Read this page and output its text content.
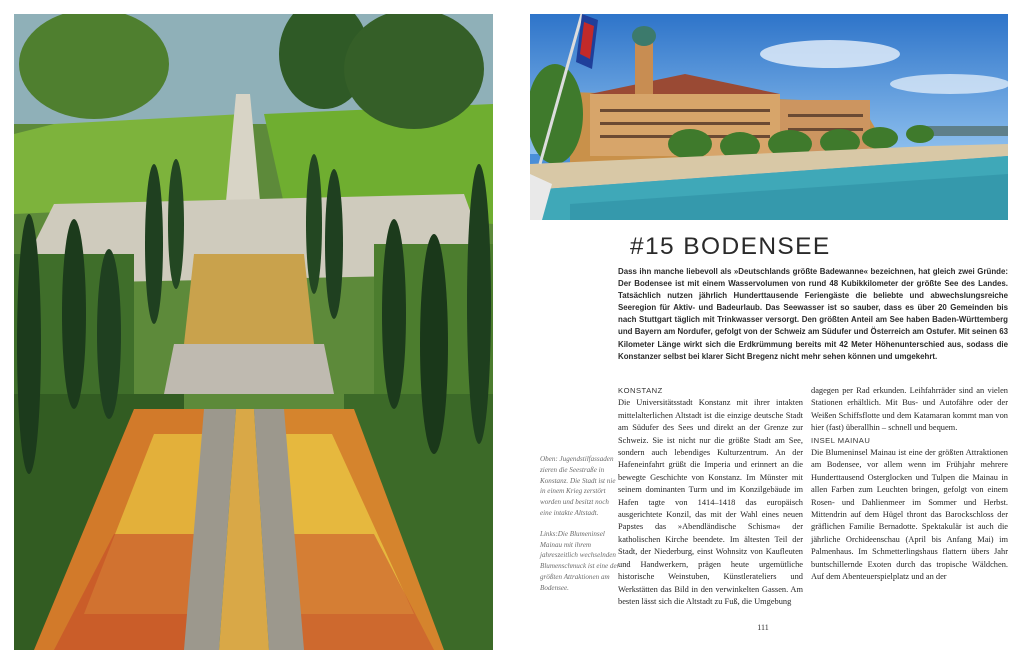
Oben: Jugendstilfassaden zieren die Seestraße in Konstanz. Die Stadt ist nie in einem Krieg zerstört worden und besitzt noch eine intakte Altstadt.

Links:Die Blumeninsel Mainau mit ihrem jahreszeitlich wechselnden Blumenschmuck ist eine der größten Attraktionen am Bodensee.

#15 BODENSEE

Dass ihn manche liebevoll als »Deutschlands größte Badewanne« bezeichnen, hat gleich zwei Gründe: Der Bodensee ist mit einem Wasservolumen von rund 48 Kubikkilometer der größte See des Landes. Tatsächlich nutzen jährlich Hunderttausende Feriengäste die beliebte und abwechslungsreiche Seeregion für Aktiv- und Badeurlaub. Das Seewasser ist so sauber, dass es über 20 Gemeinden bis nach Stuttgart täglich mit Trinkwasser versorgt. Den größten Anteil am See haben Baden-Württemberg und Bayern am Nordufer, gefolgt von der Schweiz am Südufer und Österreich am Ostufer. Mit seinen 63 Kilometer Länge wirkt sich die Erdkrümmung bereits mit 42 Meter Höhenunterschied aus, sodass die Konstanzer selbst bei klarer Sicht Bregenz nicht mehr sehen können und umgekehrt.

KONSTANZ

Die Universitätsstadt Konstanz mit ihrer intakten mittelalterlichen Altstadt ist die einzige deutsche Stadt am Südufer des Sees und direkt an der Grenze zur Schweiz. Sie ist nicht nur die größte Stadt am See, sondern auch lebendiges Kulturzentrum. An der Hafeneinfahrt grüßt die Imperia und erinnert an die bewegte Geschichte von Konstanz. Im Münster mit seinem dominanten Turm und im Konzilgebäude im Hafen tagte von 1414–1418 das europäisch ausgerichtete Konzil, das mit der Wahl eines neuen Papstes das »Abendländische Schisma« der katholischen Kirche beendete. Im ältesten Teil der Stadt, der Niederburg, einst Wohnsitz von Kaufleuten und Handwerkern, prägen heute urgemütliche historische Weinstuben, Künstlerateliers und Werkstätten das Bild in den verwinkelten Gassen. Am besten lässt sich die Altstadt zu Fuß, die Umgebung

dagegen per Rad erkunden. Leihfahrräder sind an vielen Stationen erhältlich. Mit Bus- und Autofähre oder der Weißen Schiffsflotte und dem Katamaran kommt man von hier (fast) überallhin – schnell und bequem.

INSEL MAINAU

Die Blumeninsel Mainau ist eine der größten Attraktionen am Bodensee, vor allem wenn im Frühjahr mehrere Hunderttausend Osterglocken und Tulpen die Mainau in allen Farben zum Leuchten bringen, gefolgt von einem Rosen- und Dahlienmeer im Sommer und Herbst. Mittendrin auf dem Hügel thront das Barockschloss der gräflichen Familie Bernadotte. Spektakulär ist auch die jährliche Orchideenschau (April bis Anfang Mai) im Palmenhaus. Im Schmetterlingshaus flattern übers Jahr buntschillernde Exoten durch das tropische Wäldchen. Auf dem Abenteuerspielplatz und an der

111
